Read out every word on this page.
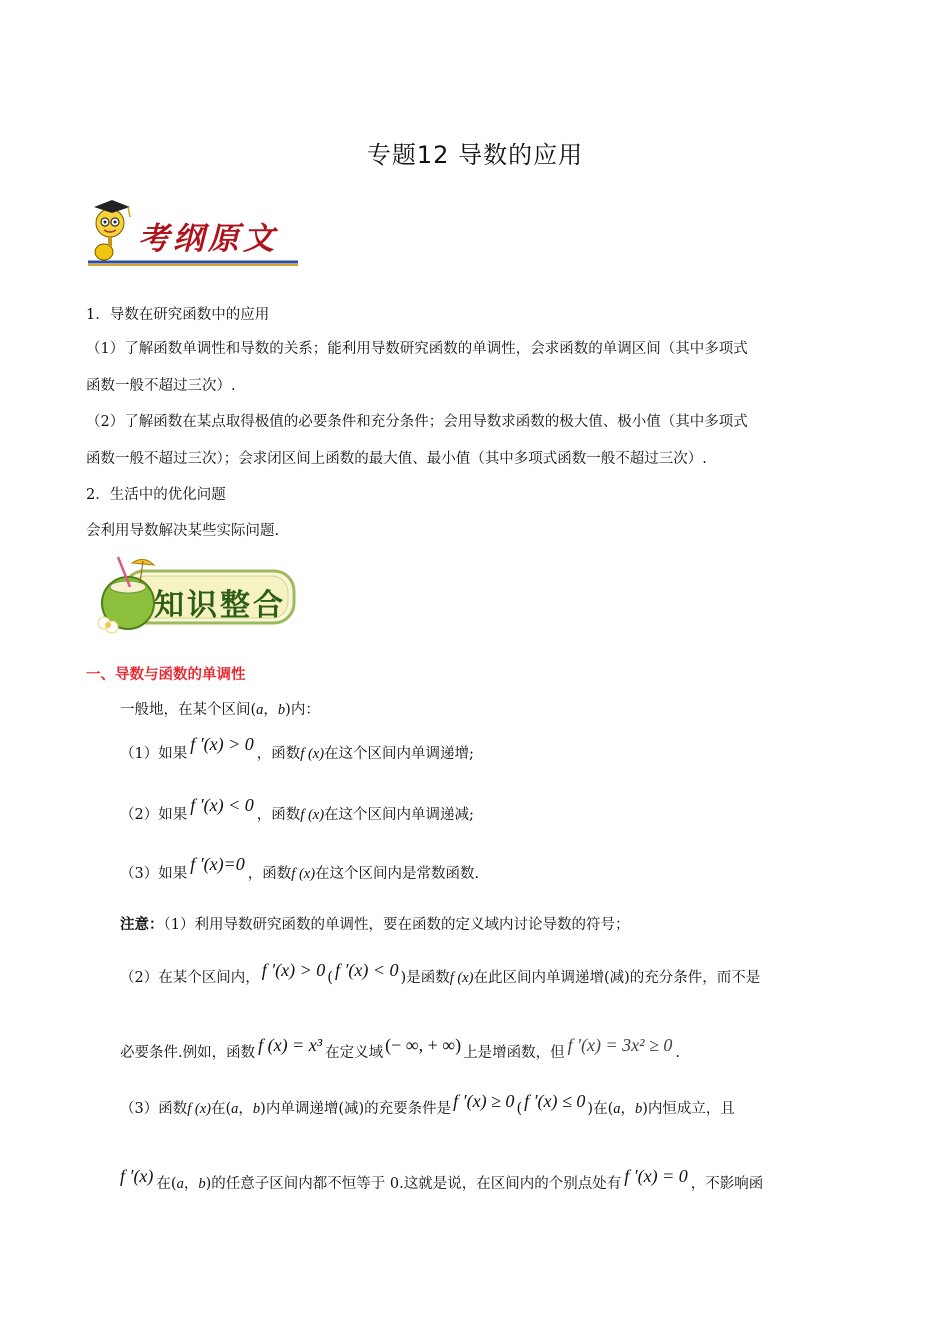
专题12 导数的应用
考纲原文
1．导数在研究函数中的应用
（1）了解函数单调性和导数的关系；能利用导数研究函数的单调性，会求函数的单调区间（其中多项式
函数一般不超过三次）.
（2）了解函数在某点取得极值的必要条件和充分条件；会用导数求函数的极大值、极小值（其中多项式
函数一般不超过三次）；会求闭区间上函数的最大值、最小值（其中多项式函数一般不超过三次）.
2．生活中的优化问题
会利用导数解决某些实际问题.
知识整合
一、导数与函数的单调性
一般地，在某个区间(a，b)内：
（1）如果 f ′(x) > 0 ，函数f (x)在这个区间内单调递增;
（2）如果 f ′(x) < 0 ，函数f (x)在这个区间内单调递减;
（3）如果 f ′(x)=0 ，函数f (x)在这个区间内是常数函数.
注意：（1）利用导数研究函数的单调性，要在函数的定义域内讨论导数的符号；
（2）在某个区间内， f ′(x) > 0 ( f ′(x) < 0 )是函数f (x)在此区间内单调递增(减)的充分条件，而不是
必要条件.例如，函数 f (x) = x³ 在定义域 (− ∞, + ∞) 上是增函数，但 f ′(x) = 3x² ≥ 0 .
（3）函数f (x)在(a，b)内单调递增(减)的充要条件是 f ′(x) ≥ 0 ( f ′(x) ≤ 0 )在(a，b)内恒成立，且
f ′(x) 在(a，b)的任意子区间内都不恒等于 0.这就是说，在区间内的个别点处有 f ′(x) = 0 ，不影响函
